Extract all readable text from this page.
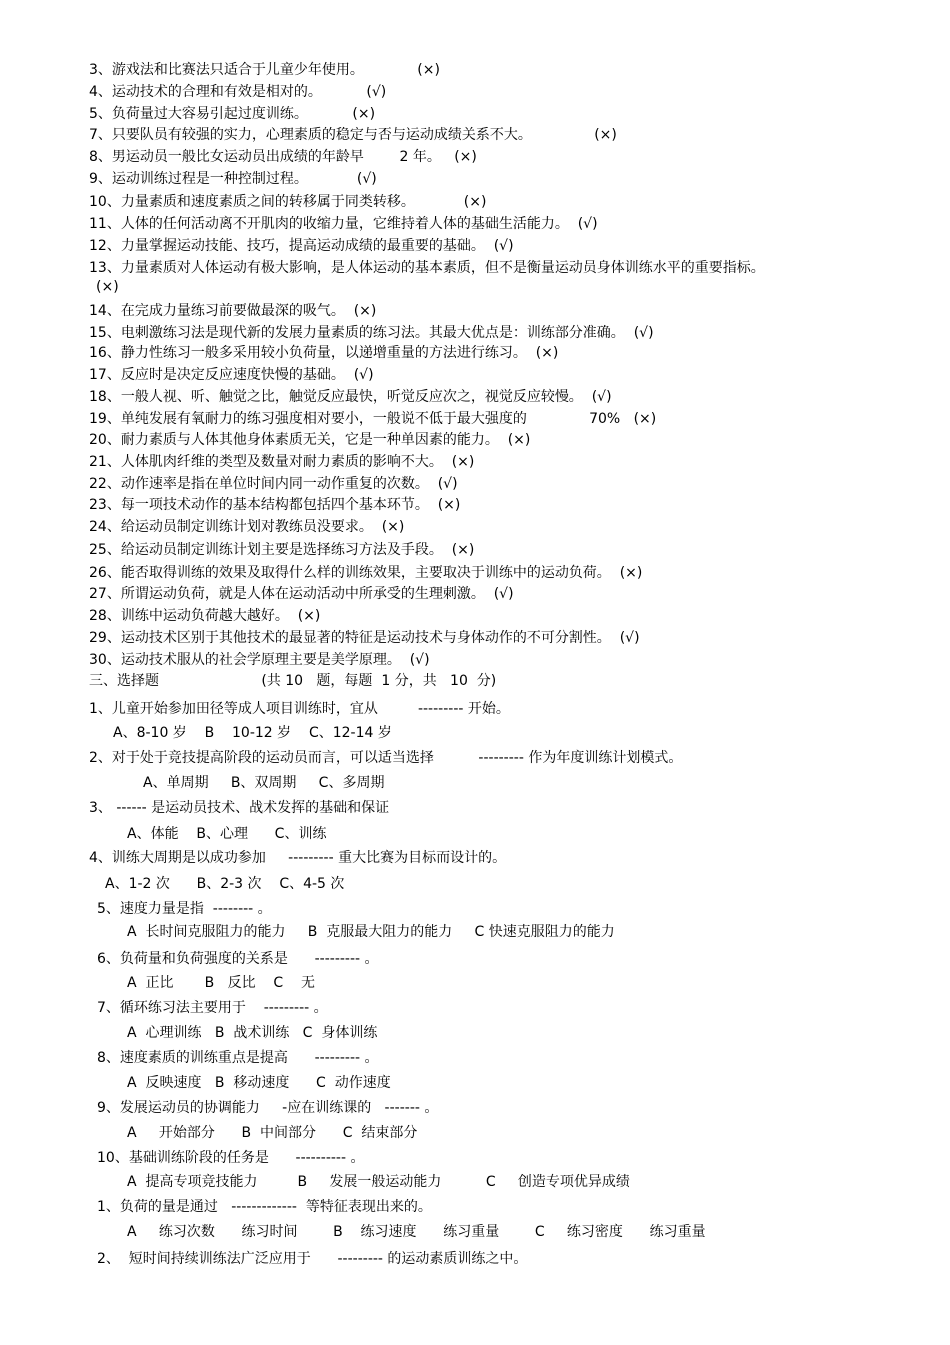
3、游戏法和比赛法只适合于儿童少年使用。            (×)
4、运动技术的合理和有效是相对的。          (√)
5、负荷量过大容易引起过度训练。          (×)
7、只要队员有较强的实力，心理素质的稳定与否与运动成绩关系不大。              (×)
8、男运动员一般比女运动员出成绩的年龄早        2 年。   (×)
9、运动训练过程是一种控制过程。           (√)
10、力量素质和速度素质之间的转移属于同类转移。           (×)
11、人体的任何活动离不开肌肉的收缩力量，它维持着人体的基础生活能力。  (√)
12、力量掌握运动技能、技巧，提高运动成绩的最重要的基础。  (√)
13、力量素质对人体运动有极大影响，是人体运动的基本素质，但不是衡量运动员身体训练水平的重要指标。
(×)
14、在完成力量练习前要做最深的吸气。  (×)
15、电刺激练习法是现代新的发展力量素质的练习法。其最大优点是：训练部分准确。  (√)
16、静力性练习一般多采用较小负荷量，以递增重量的方法进行练习。  (×)
17、反应时是决定反应速度快慢的基础。  (√)
18、一般人视、听、触觉之比，触觉反应最快，听觉反应次之，视觉反应较慢。  (√)
19、单纯发展有氧耐力的练习强度相对要小，一般说不低于最大强度的              70%   (×)
20、耐力素质与人体其他身体素质无关，它是一种单因素的能力。  (×)
21、人体肌肉纤维的类型及数量对耐力素质的影响不大。  (×)
22、动作速率是指在单位时间内同一动作重复的次数。  (√)
23、每一项技术动作的基本结构都包括四个基本环节。  (×)
24、给运动员制定训练计划对教练员没要求。  (×)
25、给运动员制定训练计划主要是选择练习方法及手段。  (×)
26、能否取得训练的效果及取得什么样的训练效果，主要取决于训练中的运动负荷。  (×)
27、所谓运动负荷，就是人体在运动活动中所承受的生理刺激。  (√)
28、训练中运动负荷越大越好。  (×)
29、运动技术区别于其他技术的最显著的特征是运动技术与身体动作的不可分割性。  (√)
30、运动技术服从的社会学原理主要是美学原理。  (√)
三、选择题                       (共 10   题，每题  1 分，共   10  分)
1、儿童开始参加田径等成人项目训练时，宜从         --------- 开始。
A、8-10 岁    B    10-12 岁    C、12-14 岁
2、对于处于竞技提高阶段的运动员而言，可以适当选择          --------- 作为年度训练计划模式。
A、单周期     B、双周期     C、多周期
3、 ------ 是运动员技术、战术发挥的基础和保证
A、体能    B、心理      C、训练
4、训练大周期是以成功参加     --------- 重大比赛为目标而设计的。
A、1-2 次      B、2-3 次    C、4-5 次
5、速度力量是指  -------- 。
A  长时间克服阻力的能力     B  克服最大阻力的能力     C 快速克服阻力的能力
6、负荷量和负荷强度的关系是      --------- 。
A  正比       B   反比    C    无
7、循环练习法主要用于    --------- 。
A  心理训练   B  战术训练   C  身体训练
8、速度素质的训练重点是提高      --------- 。
A  反映速度   B  移动速度      C  动作速度
9、发展运动员的协调能力     -应在训练课的   ------- 。
A     开始部分      B  中间部分      C  结束部分
10、基础训练阶段的任务是      ---------- 。
A  提高专项竞技能力         B     发展一般运动能力          C     创造专项优异成绩
1、负荷的量是通过   -------------  等特征表现出来的。
A     练习次数      练习时间        B    练习速度      练习重量        C     练习密度      练习重量
2、  短时间持续训练法广泛应用于      --------- 的运动素质训练之中。
